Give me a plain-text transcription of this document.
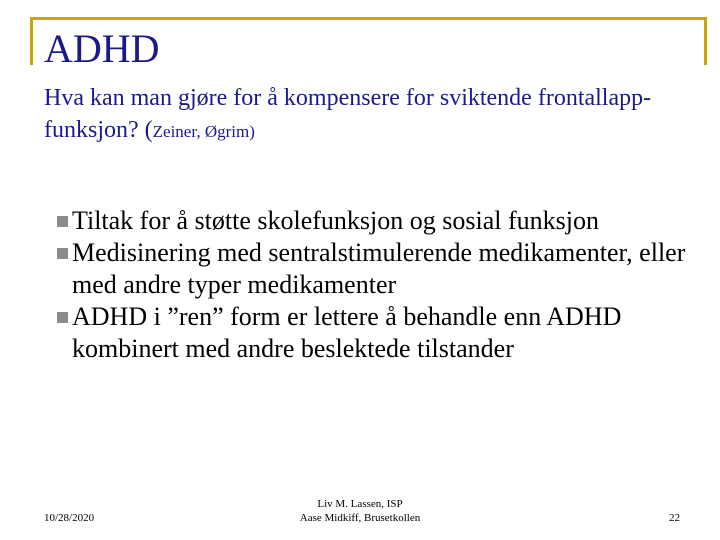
ADHD
Hva kan man gjøre for å kompensere for sviktende frontallapp-funksjon? (Zeiner, Øgrim)
Tiltak for å støtte skolefunksjon og sosial funksjon
Medisinering med sentralstimulerende medikamenter, eller med andre typer medikamenter
ADHD i ”ren” form er lettere å behandle enn ADHD kombinert med andre beslektede tilstander
10/28/2020
Liv M. Lassen, ISP
Aase Midkiff, Brusetkollen	22
